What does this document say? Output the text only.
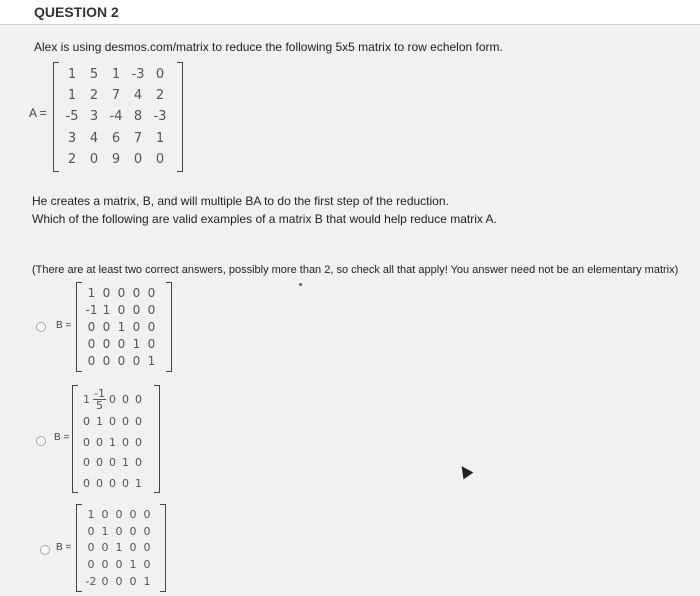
QUESTION 2
Alex is using desmos.com/matrix to reduce the following 5x5 matrix to row echelon form.
A =
1	5	1	-3	0
1	2	7	4	2
-5	3	-4	8	-3
3	4	6	7	1
2	0	9	0	0
He creates a matrix, B, and will multiple BA to do the first step of the reduction.
Which of the following are valid examples of a matrix B that would help reduce matrix A.
(There are at least two correct answers, possibly more than 2, so check all that apply! You answer need not be an elementary matrix)
B =
1	0	0	0	0
-1	1	0	0	0
0	0	1	0	0
0	0	0	1	0
0	0	0	0	1
B =
1	$\frac{-1}{5}$	0	0	0
0	1	0	0	0
0	0	1	0	0
0	0	0	1	0
0	0	0	0	1
B =
1	0	0	0	0
0	1	0	0	0
0	0	1	0	0
0	0	0	1	0
-2	0	0	0	1
